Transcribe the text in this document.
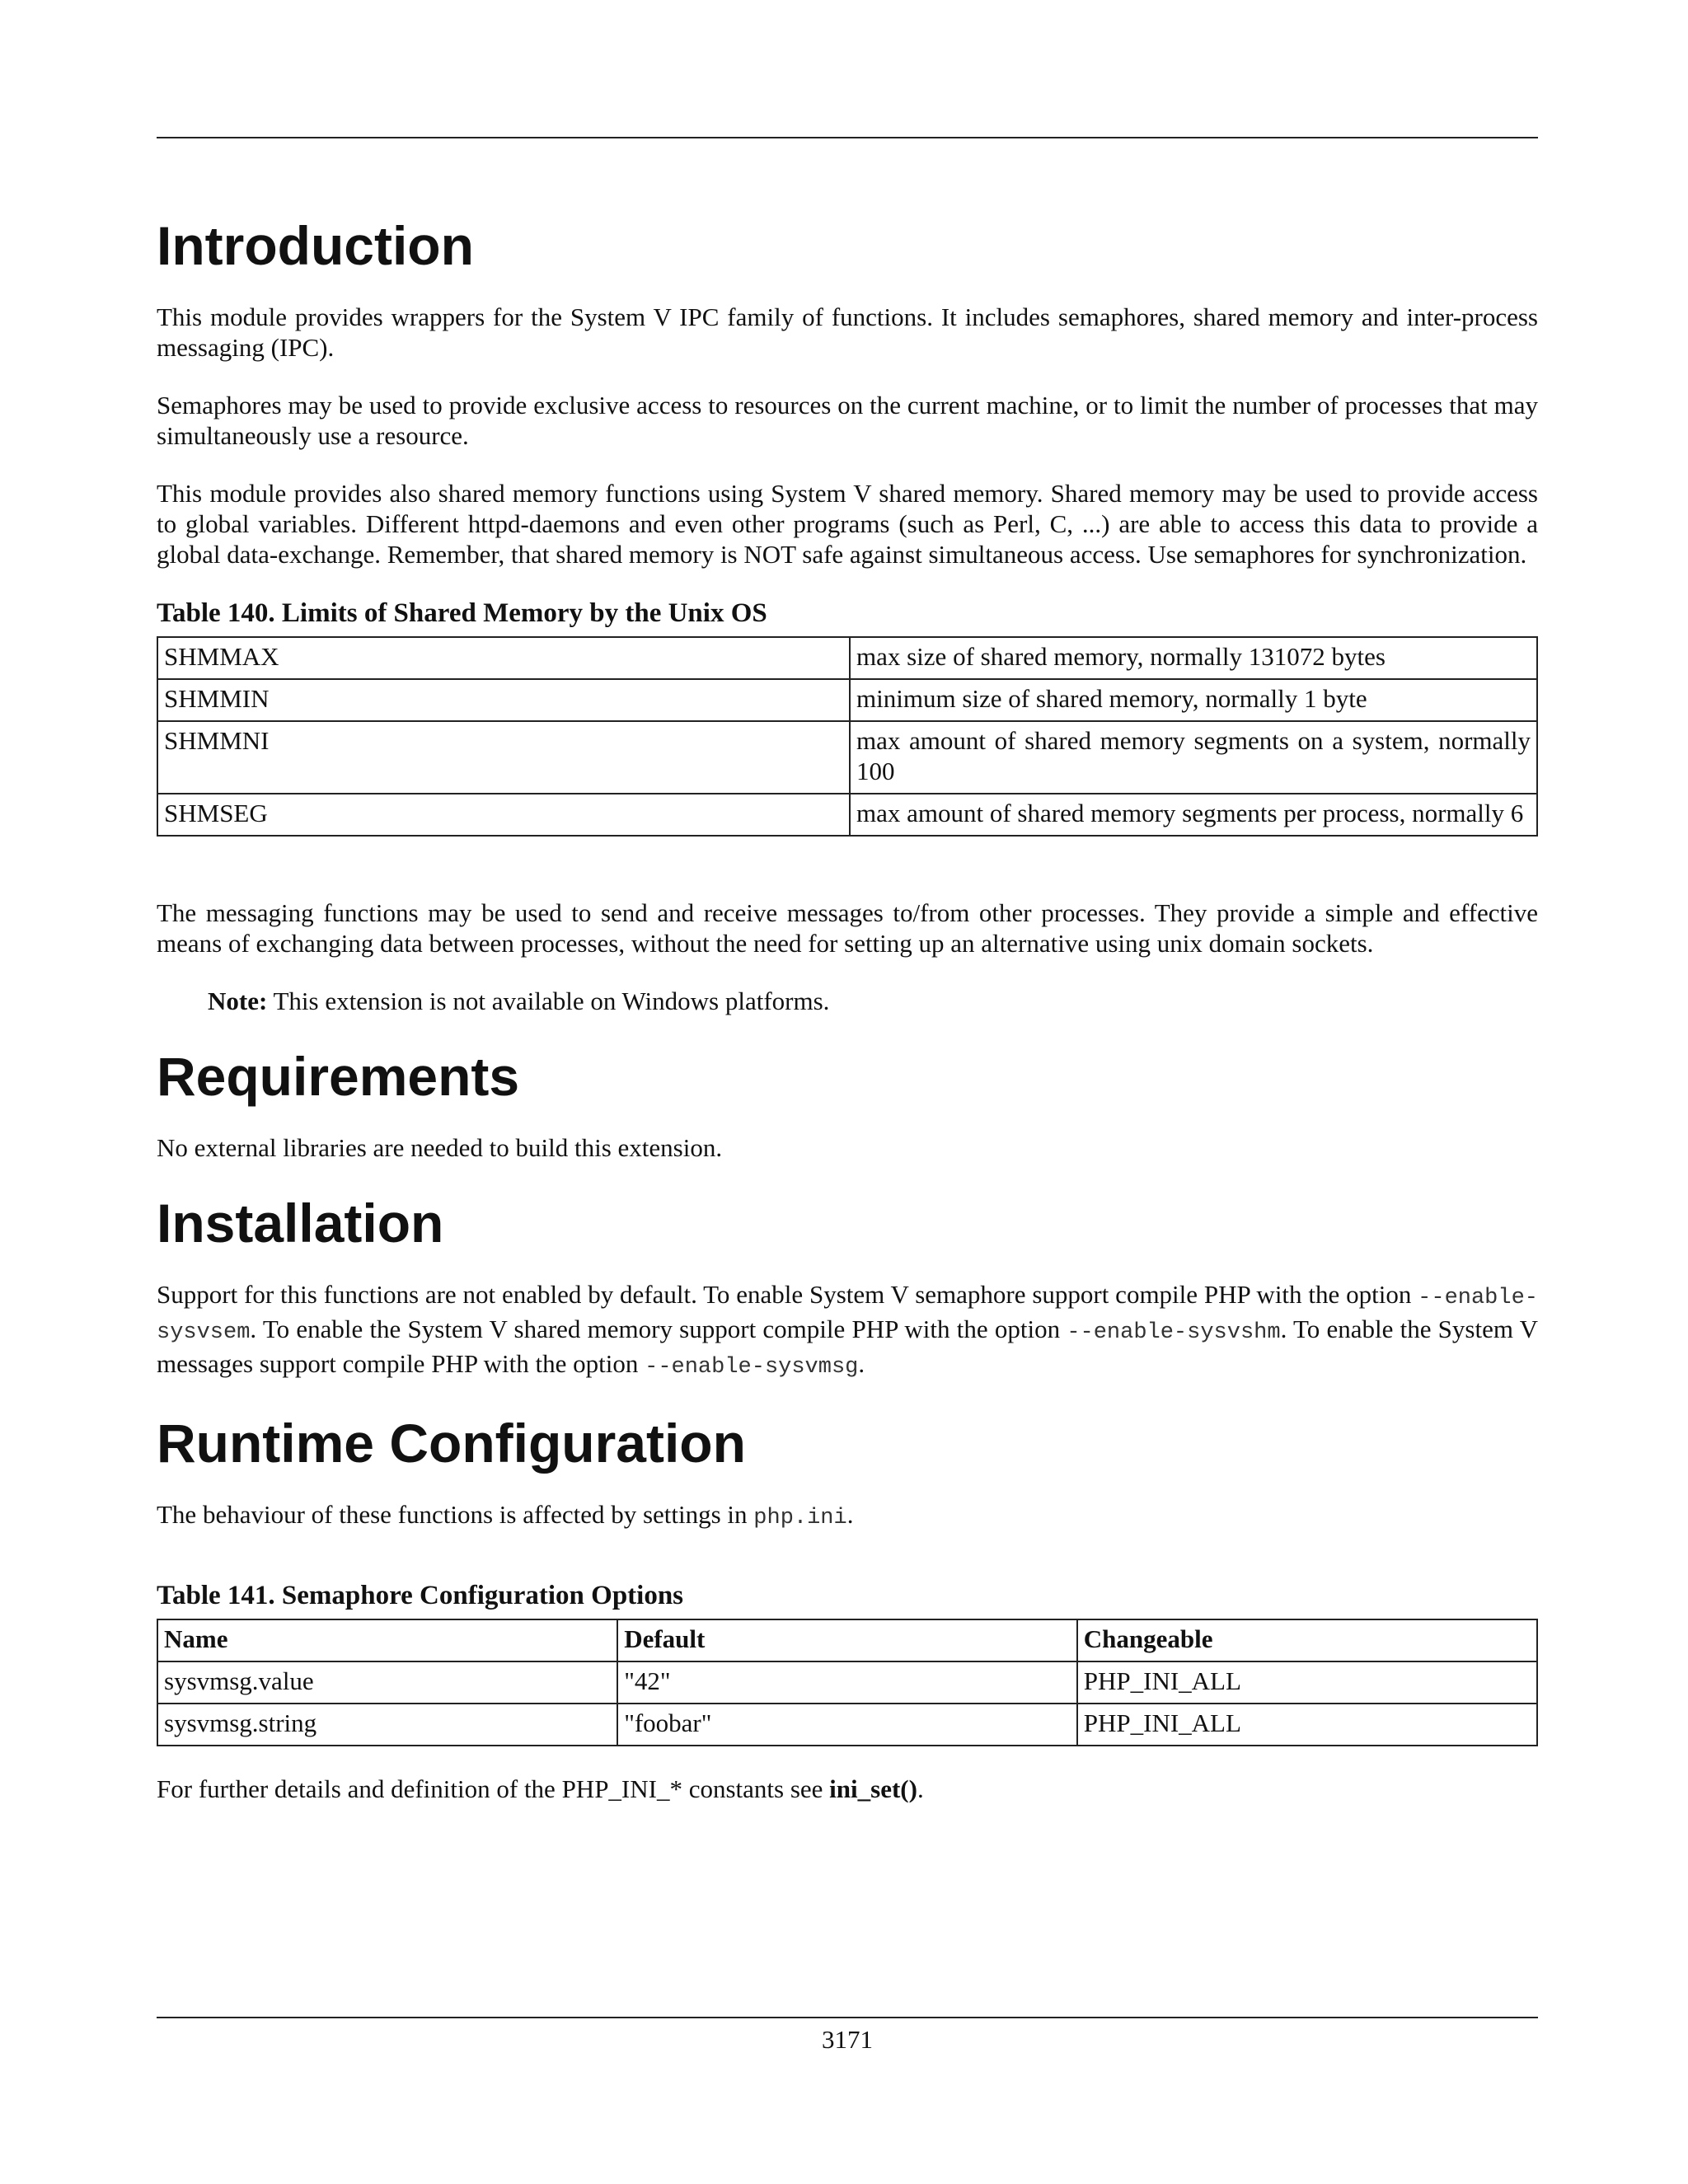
Introduction

This module provides wrappers for the System V IPC family of functions. It includes semaphores, shared memory and inter-process messaging (IPC).

Semaphores may be used to provide exclusive access to resources on the current machine, or to limit the number of processes that may simultaneously use a resource.

This module provides also shared memory functions using System V shared memory. Shared memory may be used to provide access to global variables. Different httpd-daemons and even other programs (such as Perl, C, ...) are able to access this data to provide a global data-exchange. Remember, that shared memory is NOT safe against simultaneous access. Use semaphores for synchronization.

Table 140. Limits of Shared Memory by the Unix OS
SHMMAX	max size of shared memory, normally 131072 bytes
SHMMIN	minimum size of shared memory, normally 1 byte
SHMMNI	max amount of shared memory segments on a system, normally 100
SHMSEG	max amount of shared memory segments per process, normally 6

The messaging functions may be used to send and receive messages to/from other processes. They provide a simple and effective means of exchanging data between processes, without the need for setting up an alternative using unix domain sockets.

Note: This extension is not available on Windows platforms.

Requirements

No external libraries are needed to build this extension.

Installation

Support for this functions are not enabled by default. To enable System V semaphore support compile PHP with the option --enable-sysvsem. To enable the System V shared memory support compile PHP with the option --enable-sysvshm. To enable the System V messages support compile PHP with the option --enable-sysvmsg.

Runtime Configuration

The behaviour of these functions is affected by settings in php.ini.

Table 141. Semaphore Configuration Options
Name	Default	Changeable
sysvmsg.value	"42"	PHP_INI_ALL
sysvmsg.string	"foobar"	PHP_INI_ALL

For further details and definition of the PHP_INI_* constants see ini_set().

3171
